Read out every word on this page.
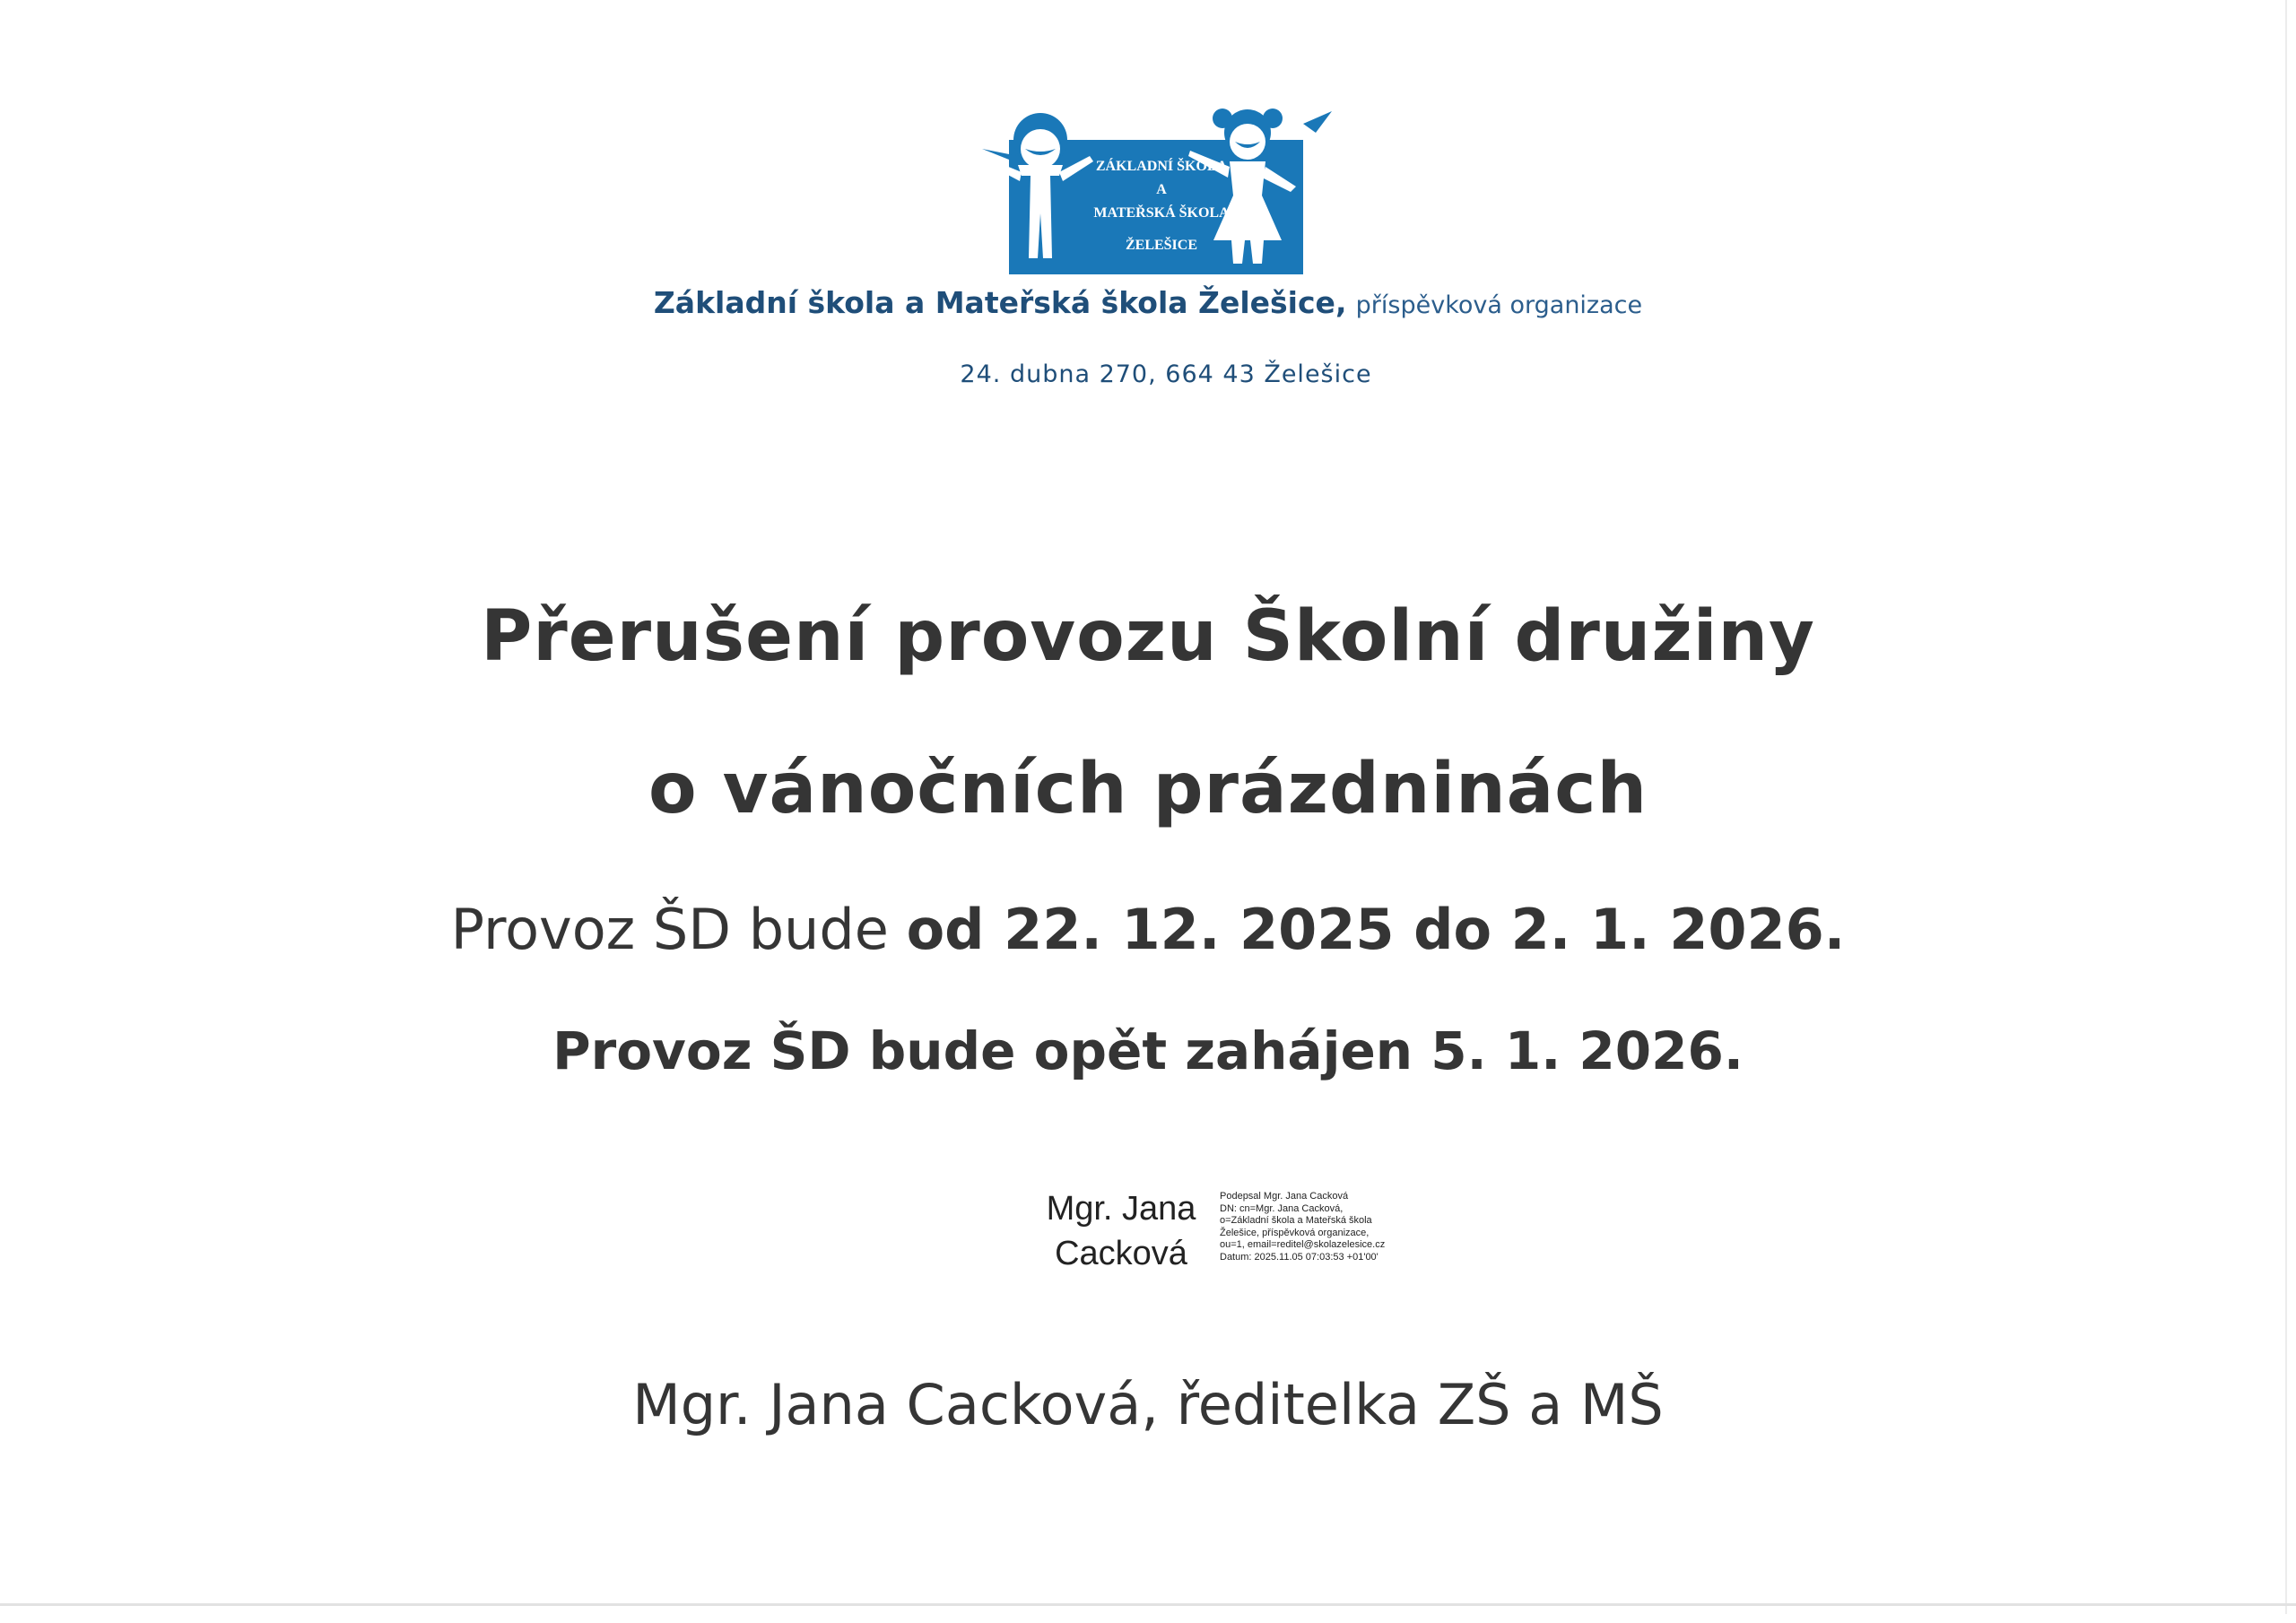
ZÁKLADNÍ ŠKOLA
A
MATEŘSKÁ ŠKOLA
ŽELEŠICE
Základní škola a Mateřská škola Želešice, příspěvková organizace
24. dubna 270, 664 43 Želešice
Přerušení provozu Školní družiny
o vánočních prázdninách
Provoz ŠD bude od 22. 12. 2025 do 2. 1. 2026.
Provoz ŠD bude opět zahájen 5. 1. 2026.
Mgr. Jana
Cacková
Podepsal Mgr. Jana Cacková
DN: cn=Mgr. Jana Cacková,
o=Základní škola a Mateřská škola
Želešice, příspěvková organizace,
ou=1, email=reditel@skolazelesice.cz
Datum: 2025.11.05 07:03:53 +01'00'
Mgr. Jana Cacková, ředitelka ZŠ a MŠ
